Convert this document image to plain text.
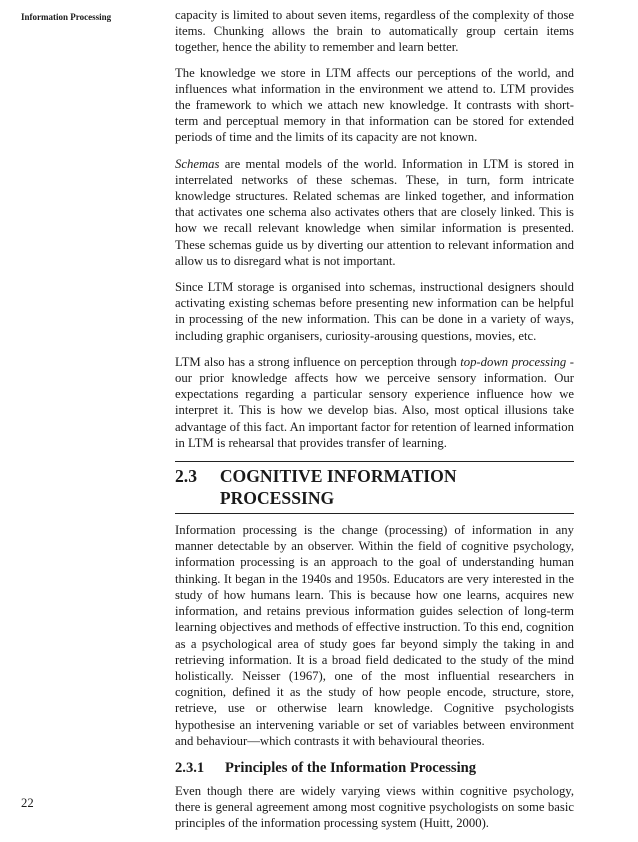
Information Processing	capacity is limited to about seven items, regardless of the complexity of those items. Chunking allows the brain to automatically group certain items together, hence the ability to remember and learn better.

The knowledge we store in LTM affects our perceptions of the world, and influences what information in the environment we attend to. LTM provides the framework to which we attach new knowledge. It contrasts with short-term and perceptual memory in that information can be stored for extended periods of time and the limits of its capacity are not known.

Schemas are mental models of the world. Information in LTM is stored in interrelated networks of these schemas. These, in turn, form intricate knowledge structures. Related schemas are linked together, and information that activates one schema also activates others that are closely linked. This is how we recall relevant knowledge when similar information is presented. These schemas guide us by diverting our attention to relevant information and allow us to disregard what is not important.

Since LTM storage is organised into schemas, instructional designers should activating existing schemas before presenting new information can be helpful in processing of the new information. This can be done in a variety of ways, including graphic organisers, curiosity-arousing questions, movies, etc.

LTM also has a strong influence on perception through top-down processing - our prior knowledge affects how we perceive sensory information. Our expectations regarding a particular sensory experience influence how we interpret it. This is how we develop bias. Also, most optical illusions take advantage of this fact. An important factor for retention of learned information in LTM is rehearsal that provides transfer of learning.

2.3	COGNITIVE INFORMATION PROCESSING

Information processing is the change (processing) of information in any manner detectable by an observer. Within the field of cognitive psychology, information processing is an approach to the goal of understanding human thinking. It began in the 1940s and 1950s. Educators are very interested in the study of how humans learn. This is because how one learns, acquires new information, and retains previous information guides selection of long-term learning objectives and methods of effective instruction. To this end, cognition as a psychological area of study goes far beyond simply the taking in and retrieving information. It is a broad field dedicated to the study of the mind holistically. Neisser (1967), one of the most influential researchers in cognition, defined it as the study of how people encode, structure, store, retrieve, use or otherwise learn knowledge. Cognitive psychologists hypothesise an intervening variable or set of variables between environment and behaviour—which contrasts it with behavioural theories.

2.3.1	Principles of the Information Processing

Even though there are widely varying views within cognitive psychology, there is general agreement among most cognitive psychologists on some basic principles of the information processing system (Huitt, 2000).

22
